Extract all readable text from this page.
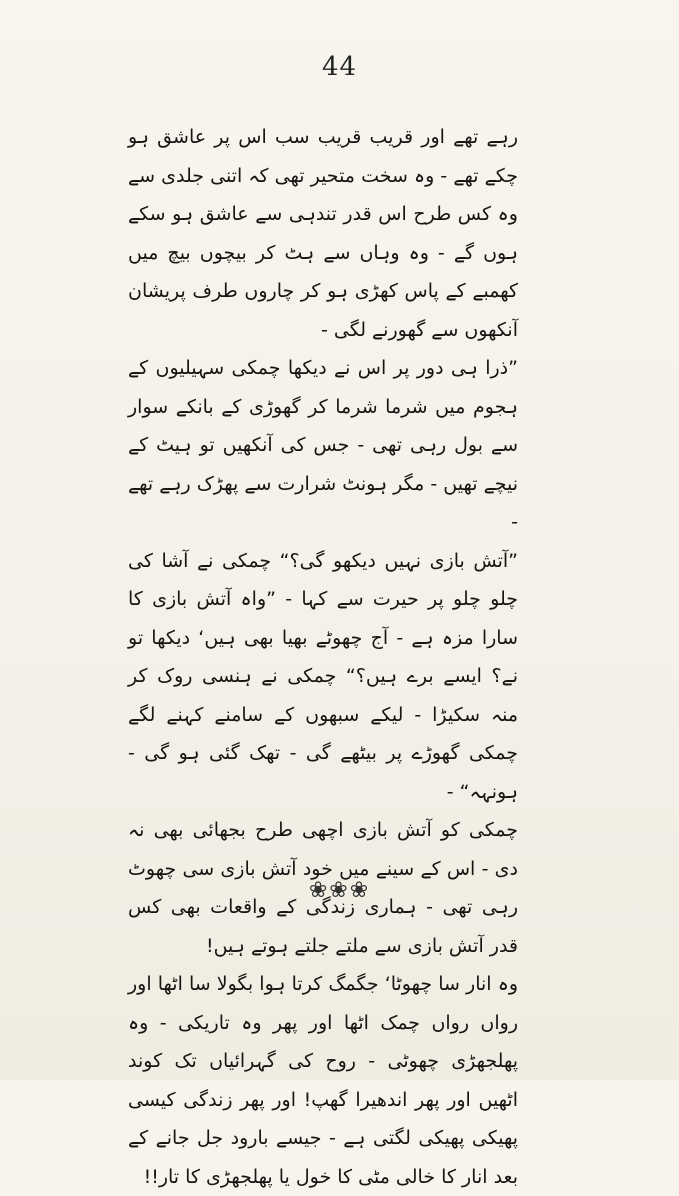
44

رہے تھے اور قریب قریب سب اس پر عاشق ہو چکے تھے - وہ سخت متحیر تھی کہ اتنی جلدی سے وہ کس طرح اس قدر تندہی سے عاشق ہو سکے ہوں گے - وہ وہاں سے ہٹ کر بیچوں بیچ میں کھمبے کے پاس کھڑی ہو کر چاروں طرف پریشان آنکھوں سے گھورنے لگی -

”ذرا ہی دور پر اس نے دیکھا چمکی سہیلیوں کے ہجوم میں شرما شرما کر گھوڑی کے بانکے سوار سے بول رہی تھی - جس کی آنکھیں تو ہیٹ کے نیچے تھیں - مگر ہونٹ شرارت سے پھڑک رہے تھے -

”آتش بازی نہیں دیکھو گی؟“ چمکی نے آشا کی چلو چلو پر حیرت سے کہا - ”واہ آتش بازی کا سارا مزہ ہے - آج چھوٹے بھیا بھی ہیں‘ دیکھا تو نے؟ ایسے برے ہیں؟“ چمکی نے ہنسی روک کر منہ سکیڑا - لیکے سبھوں کے سامنے کہنے لگے چمکی گھوڑے پر بیٹھے گی - تھک گئی ہو گی - ہونہہ“ -

چمکی کو آتش بازی اچھی طرح بجھائی بھی نہ دی - اس کے سینے میں خود آتش بازی سی چھوٹ رہی تھی - ہماری زندگی کے واقعات بھی کس قدر آتش بازی سے ملتے جلتے ہوتے ہیں!

وہ انار سا چھوٹا‘ جگمگ کرتا ہوا بگولا سا اٹھا اور رواں رواں چمک اٹھا اور پھر وہ تاریکی - وہ پھلجھڑی چھوٹی - روح کی گہرائیاں تک کوند اٹھیں اور پھر اندھیرا گھپ! اور پھر زندگی کیسی پھیکی پھیکی لگتی ہے - جیسے بارود جل جانے کے بعد انار کا خالی مٹی کا خول یا پھلجھڑی کا تار!!

❀❀❀
